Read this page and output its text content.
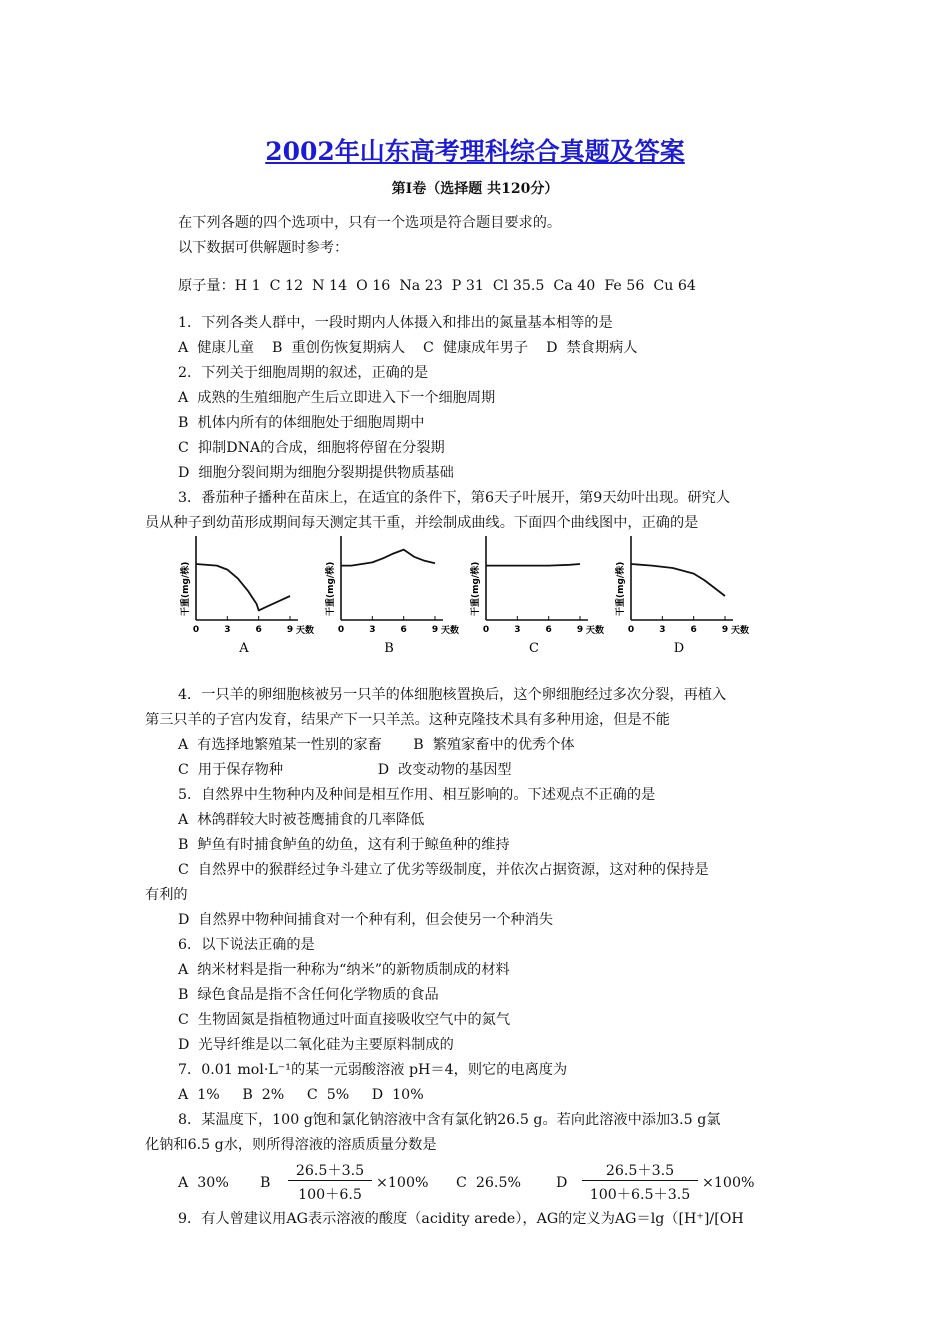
2002年山东高考理科综合真题及答案

第Ⅰ卷（选择题 共120分）

在下列各题的四个选项中，只有一个选项是符合题目要求的。

以下数据可供解题时参考：

原子量：H 1  C 12  N 14  O 16  Na 23  P 31  Cl 35.5  Ca 40  Fe 56  Cu 64

1．下列各类人群中，一段时期内人体摄入和排出的氮量基本相等的是

A  健康儿童    B  重创伤恢复期病人    C  健康成年男子    D  禁食期病人

2．下列关于细胞周期的叙述，正确的是

A  成熟的生殖细胞产生后立即进入下一个细胞周期

B  机体内所有的体细胞处于细胞周期中

C  抑制DNA的合成，细胞将停留在分裂期

D  细胞分裂间期为细胞分裂期提供物质基础

3．番茄种子播种在苗床上，在适宜的条件下，第6天子叶展开，第9天幼叶出现。研究人

员从种子到幼苗形成期间每天测定其干重，并绘制成曲线。下面四个曲线图中，正确的是

0	3	6	9 天数
干重(mg/株)
A
0	3	6	9 天数
干重(mg/株)
B
0	3	6	9 天数
干重(mg/株)
C
0	3	6	9 天数
干重(mg/株)
D

4．一只羊的卵细胞核被另一只羊的体细胞核置换后，这个卵细胞经过多次分裂，再植入

第三只羊的子宫内发育，结果产下一只羊羔。这种克隆技术具有多种用途，但是不能

A  有选择地繁殖某一性别的家畜       B  繁殖家畜中的优秀个体

C  用于保存物种                     D  改变动物的基因型

5．自然界中生物种内及种间是相互作用、相互影响的。下述观点不正确的是

A  林鸽群较大时被苍鹰捕食的几率降低

B  鲈鱼有时捕食鲈鱼的幼鱼，这有利于鲸鱼种的维持

C  自然界中的猴群经过争斗建立了优劣等级制度，并依次占据资源，这对种的保持是

有利的

D  自然界中物种间捕食对一个种有利，但会使另一个种消失

6．以下说法正确的是

A  纳米材料是指一种称为“纳米”的新物质制成的材料

B  绿色食品是指不含任何化学物质的食品

C  生物固氮是指植物通过叶面直接吸收空气中的氮气

D  光导纤维是以二氧化硅为主要原料制成的

7．0.01 mol·L⁻¹的某一元弱酸溶液 pH＝4，则它的电离度为

A  1%     B  2%     C  5%     D  10%

8．某温度下，100 g饱和氯化钠溶液中含有氯化钠26.5 g。若向此溶液中添加3.5 g氯

化钠和6.5 g水，则所得溶液的溶质质量分数是

A  30% B

26.5＋3.5

100＋6.5

×100% C  26.5% D

26.5＋3.5

100＋6.5＋3.5

×100%

9．有人曾建议用AG表示溶液的酸度（acidity arede），AG的定义为AG＝lg（[H⁺]/[OH
